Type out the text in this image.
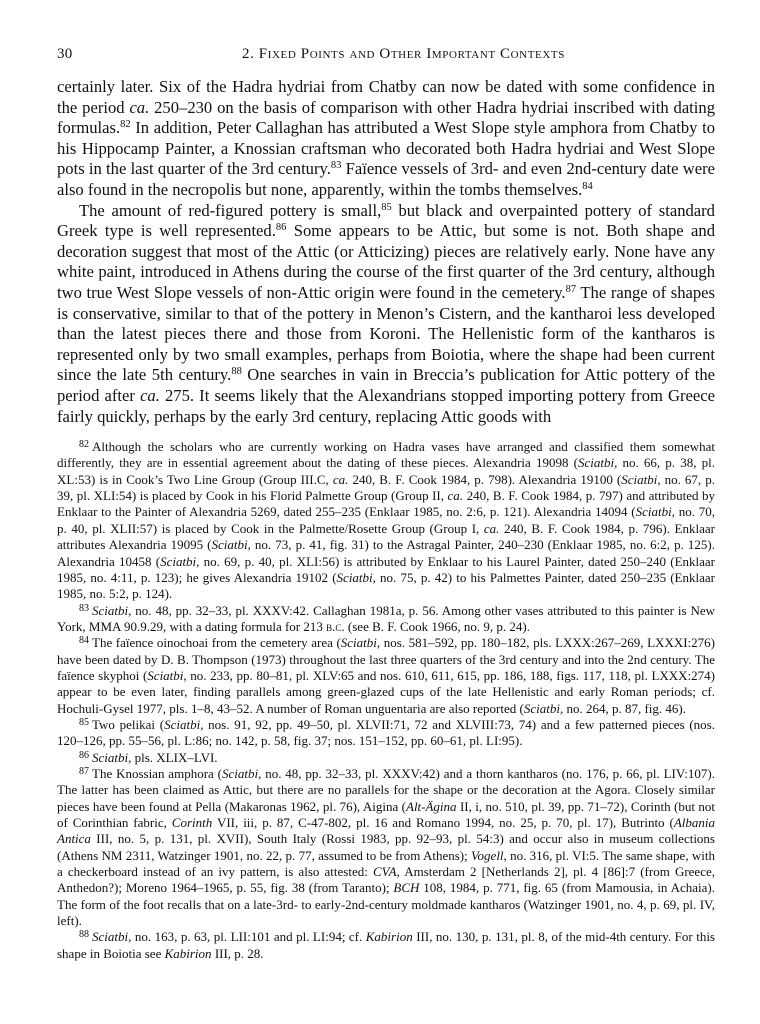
30	2. Fixed Points and Other Important Contexts

certainly later. Six of the Hadra hydriai from Chatby can now be dated with some confidence in the period ca. 250–230 on the basis of comparison with other Hadra hydriai inscribed with dating formulas.$^{82}$ In addition, Peter Callaghan has attributed a West Slope style amphora from Chatby to his Hippocamp Painter, a Knossian craftsman who decorated both Hadra hydriai and West Slope pots in the last quarter of the 3rd century.$^{83}$ Faïence vessels of 3rd- and even 2nd-century date were also found in the necropolis but none, apparently, within the tombs themselves.$^{84}$

The amount of red-figured pottery is small,$^{85}$ but black and overpainted pottery of standard Greek type is well represented.$^{86}$ Some appears to be Attic, but some is not. Both shape and decoration suggest that most of the Attic (or Atticizing) pieces are relatively early. None have any white paint, introduced in Athens during the course of the first quarter of the 3rd century, although two true West Slope vessels of non-Attic origin were found in the cemetery.$^{87}$ The range of shapes is conservative, similar to that of the pottery in Menon’s Cistern, and the kantharoi less developed than the latest pieces there and those from Koroni. The Hellenistic form of the kantharos is represented only by two small examples, perhaps from Boiotia, where the shape had been current since the late 5th century.$^{88}$ One searches in vain in Breccia’s publication for Attic pottery of the period after ca. 275. It seems likely that the Alexandrians stopped importing pottery from Greece fairly quickly, perhaps by the early 3rd century, replacing Attic goods with

$^{82}$ Although the scholars who are currently working on Hadra vases have arranged and classified them somewhat differently, they are in essential agreement about the dating of these pieces. Alexandria 19098 (Sciatbi, no. 66, p. 38, pl. XL:53) is in Cook’s Two Line Group (Group III.C, ca. 240, B. F. Cook 1984, p. 798). Alexandria 19100 (Sciatbi, no. 67, p. 39, pl. XLI:54) is placed by Cook in his Florid Palmette Group (Group II, ca. 240, B. F. Cook 1984, p. 797) and attributed by Enklaar to the Painter of Alexandria 5269, dated 255–235 (Enklaar 1985, no. 2:6, p. 121). Alexandria 14094 (Sciatbi, no. 70, p. 40, pl. XLII:57) is placed by Cook in the Palmette/Rosette Group (Group I, ca. 240, B. F. Cook 1984, p. 796). Enklaar attributes Alexandria 19095 (Sciatbi, no. 73, p. 41, fig. 31) to the Astragal Painter, 240–230 (Enklaar 1985, no. 6:2, p. 125). Alexandria 10458 (Sciatbi, no. 69, p. 40, pl. XLI:56) is attributed by Enklaar to his Laurel Painter, dated 250–240 (Enklaar 1985, no. 4:11, p. 123); he gives Alexandria 19102 (Sciatbi, no. 75, p. 42) to his Palmettes Painter, dated 250–235 (Enklaar 1985, no. 5:2, p. 124).

$^{83}$ Sciatbi, no. 48, pp. 32–33, pl. XXXV:42. Callaghan 1981a, p. 56. Among other vases attributed to this painter is New York, MMA 90.9.29, with a dating formula for 213 b.c. (see B. F. Cook 1966, no. 9, p. 24).

$^{84}$ The faïence oinochoai from the cemetery area (Sciatbi, nos. 581–592, pp. 180–182, pls. LXXX:267–269, LXXXI:276) have been dated by D. B. Thompson (1973) throughout the last three quarters of the 3rd century and into the 2nd century. The faïence skyphoi (Sciatbi, no. 233, pp. 80–81, pl. XLV:65 and nos. 610, 611, 615, pp. 186, 188, figs. 117, 118, pl. LXXX:274) appear to be even later, finding parallels among green-glazed cups of the late Hellenistic and early Roman periods; cf. Hochuli-Gysel 1977, pls. 1–8, 43–52. A number of Roman unguentaria are also reported (Sciatbi, no. 264, p. 87, fig. 46).

$^{85}$ Two pelikai (Sciatbi, nos. 91, 92, pp. 49–50, pl. XLVII:71, 72 and XLVIII:73, 74) and a few patterned pieces (nos. 120–126, pp. 55–56, pl. L:86; no. 142, p. 58, fig. 37; nos. 151–152, pp. 60–61, pl. LI:95).

$^{86}$ Sciatbi, pls. XLIX–LVI.

$^{87}$ The Knossian amphora (Sciatbi, no. 48, pp. 32–33, pl. XXXV:42) and a thorn kantharos (no. 176, p. 66, pl. LIV:107). The latter has been claimed as Attic, but there are no parallels for the shape or the decoration at the Agora. Closely similar pieces have been found at Pella (Makaronas 1962, pl. 76), Aigina (Alt-Ägina II, i, no. 510, pl. 39, pp. 71–72), Corinth (but not of Corinthian fabric, Corinth VII, iii, p. 87, C-47-802, pl. 16 and Romano 1994, no. 25, p. 70, pl. 17), Butrinto (Albania Antica III, no. 5, p. 131, pl. XVII), South Italy (Rossi 1983, pp. 92–93, pl. 54:3) and occur also in museum collections (Athens NM 2311, Watzinger 1901, no. 22, p. 77, assumed to be from Athens); Vogell, no. 316, pl. VI:5. The same shape, with a checkerboard instead of an ivy pattern, is also attested: CVA, Amsterdam 2 [Netherlands 2], pl. 4 [86]:7 (from Greece, Anthedon?); Moreno 1964–1965, p. 55, fig. 38 (from Taranto); BCH 108, 1984, p. 771, fig. 65 (from Mamousia, in Achaia). The form of the foot recalls that on a late-3rd- to early-2nd-century moldmade kantharos (Watzinger 1901, no. 4, p. 69, pl. IV, left).

$^{88}$ Sciatbi, no. 163, p. 63, pl. LII:101 and pl. LI:94; cf. Kabirion III, no. 130, p. 131, pl. 8, of the mid-4th century. For this shape in Boiotia see Kabirion III, p. 28.
